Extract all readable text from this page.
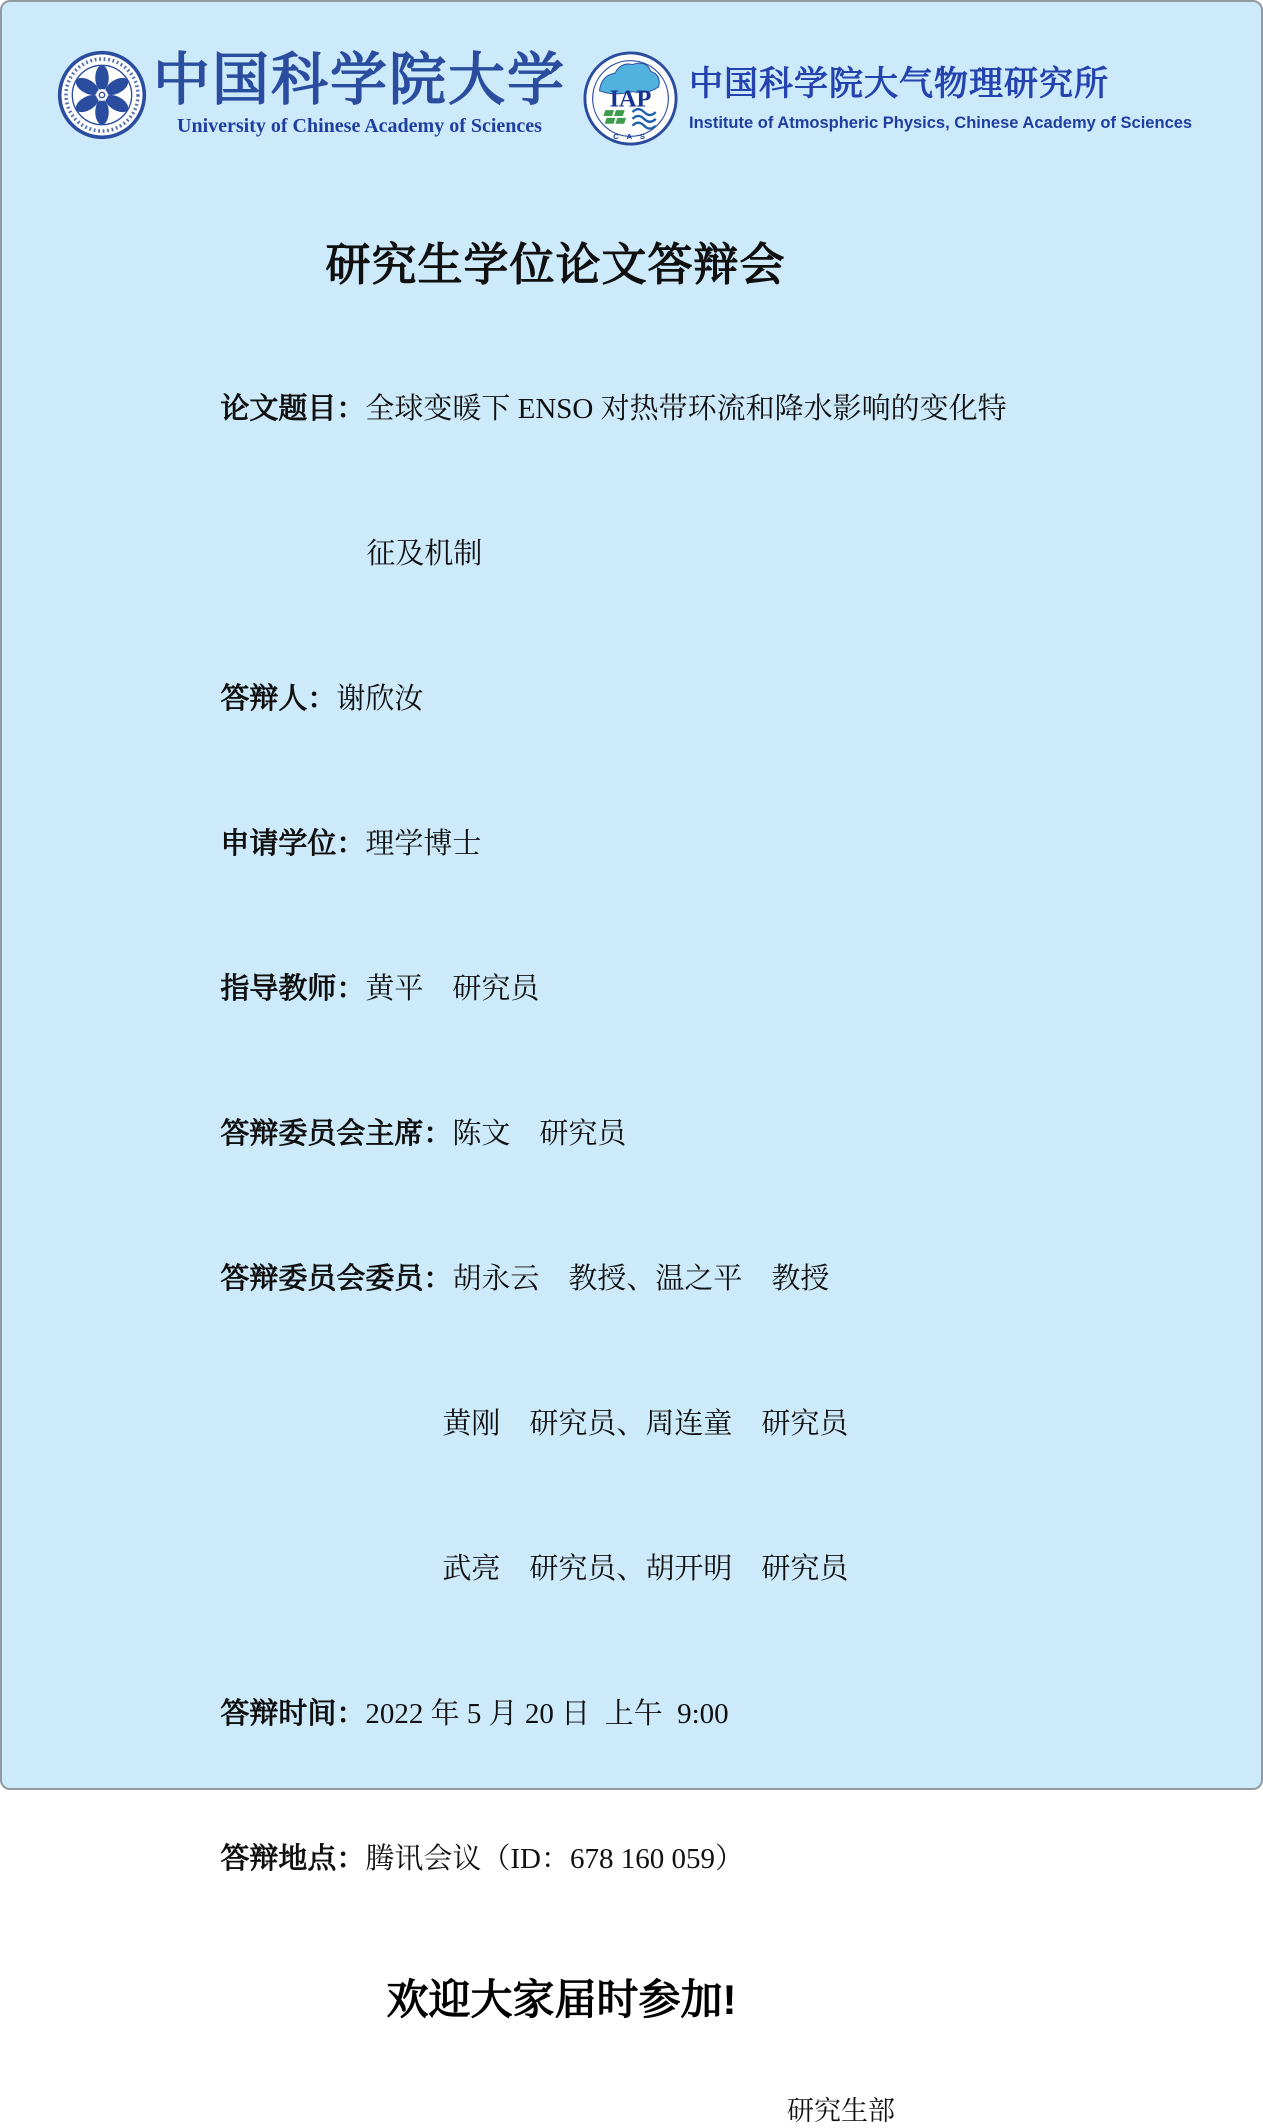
中国科学院大学
University of Chinese Academy of Sciences
IAP
C A S
中国科学院大气物理研究所
Institute of Atmospheric Physics, Chinese Academy of Sciences
研究生学位论文答辩会

论文题目：全球变暖下 ENSO 对热带环流和降水影响的变化特

征及机制

答辩人：谢欣汝

申请学位：理学博士

指导教师：黄平　研究员

答辩委员会主席：陈文　研究员

答辩委员会委员：胡永云　教授、温之平　教授

黄刚　研究员、周连童　研究员

武亮　研究员、胡开明　研究员

答辩时间：2022 年 5 月 20 日  上午  9:00

答辩地点：腾讯会议（ID：678 160 059）

欢迎大家届时参加!
研究生部
